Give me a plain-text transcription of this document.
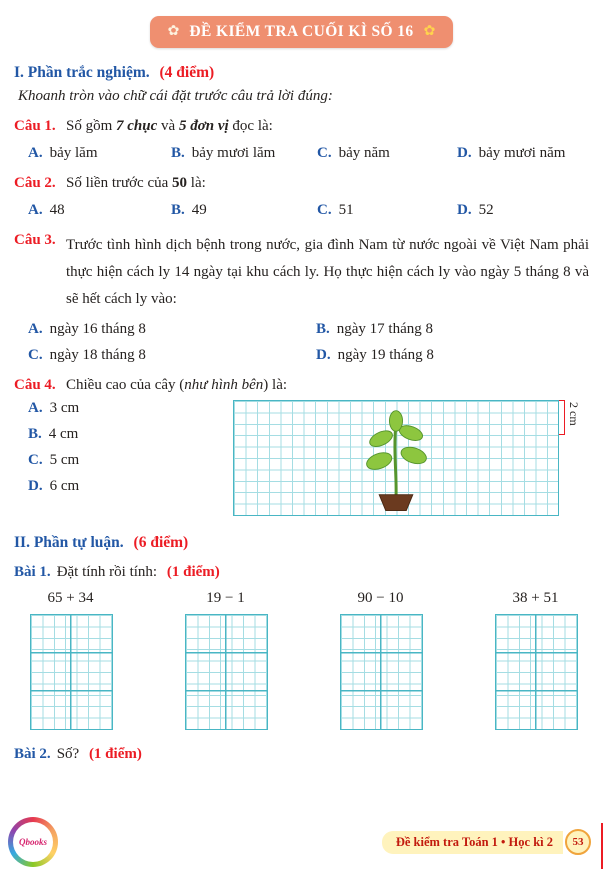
✿ ĐỀ KIỂM TRA CUỐI KÌ SỐ 16 ✿
I. Phần trắc nghiệm. (4 điểm)
Khoanh tròn vào chữ cái đặt trước câu trả lời đúng:
Câu 1. Số gồm 7 chục và 5 đơn vị đọc là:
A. bảy lăm	B. bảy mươi lăm	C. bảy năm	D. bảy mươi năm
Câu 2. Số liền trước của 50 là:
A. 48	B. 49	C. 51	D. 52
Câu 3. Trước tình hình dịch bệnh trong nước, gia đình Nam từ nước ngoài về Việt Nam phải thực hiện cách ly 14 ngày tại khu cách ly. Họ thực hiện cách ly vào ngày 5 tháng 8 và sẽ hết cách ly vào:
A. ngày 16 tháng 8	B. ngày 17 tháng 8
C. ngày 18 tháng 8	D. ngày 19 tháng 8
Câu 4. Chiều cao của cây (như hình bên) là:
A. 3 cm
B. 4 cm
C. 5 cm
D. 6 cm
2 cm
II. Phần tự luận. (6 điểm)
Bài 1. Đặt tính rồi tính: (1 điểm)
65 + 34	19 − 1	90 − 10	38 + 51
Bài 2. Số? (1 điểm)
Qbooks	Đề kiểm tra Toán 1 • Học kì 2	53
